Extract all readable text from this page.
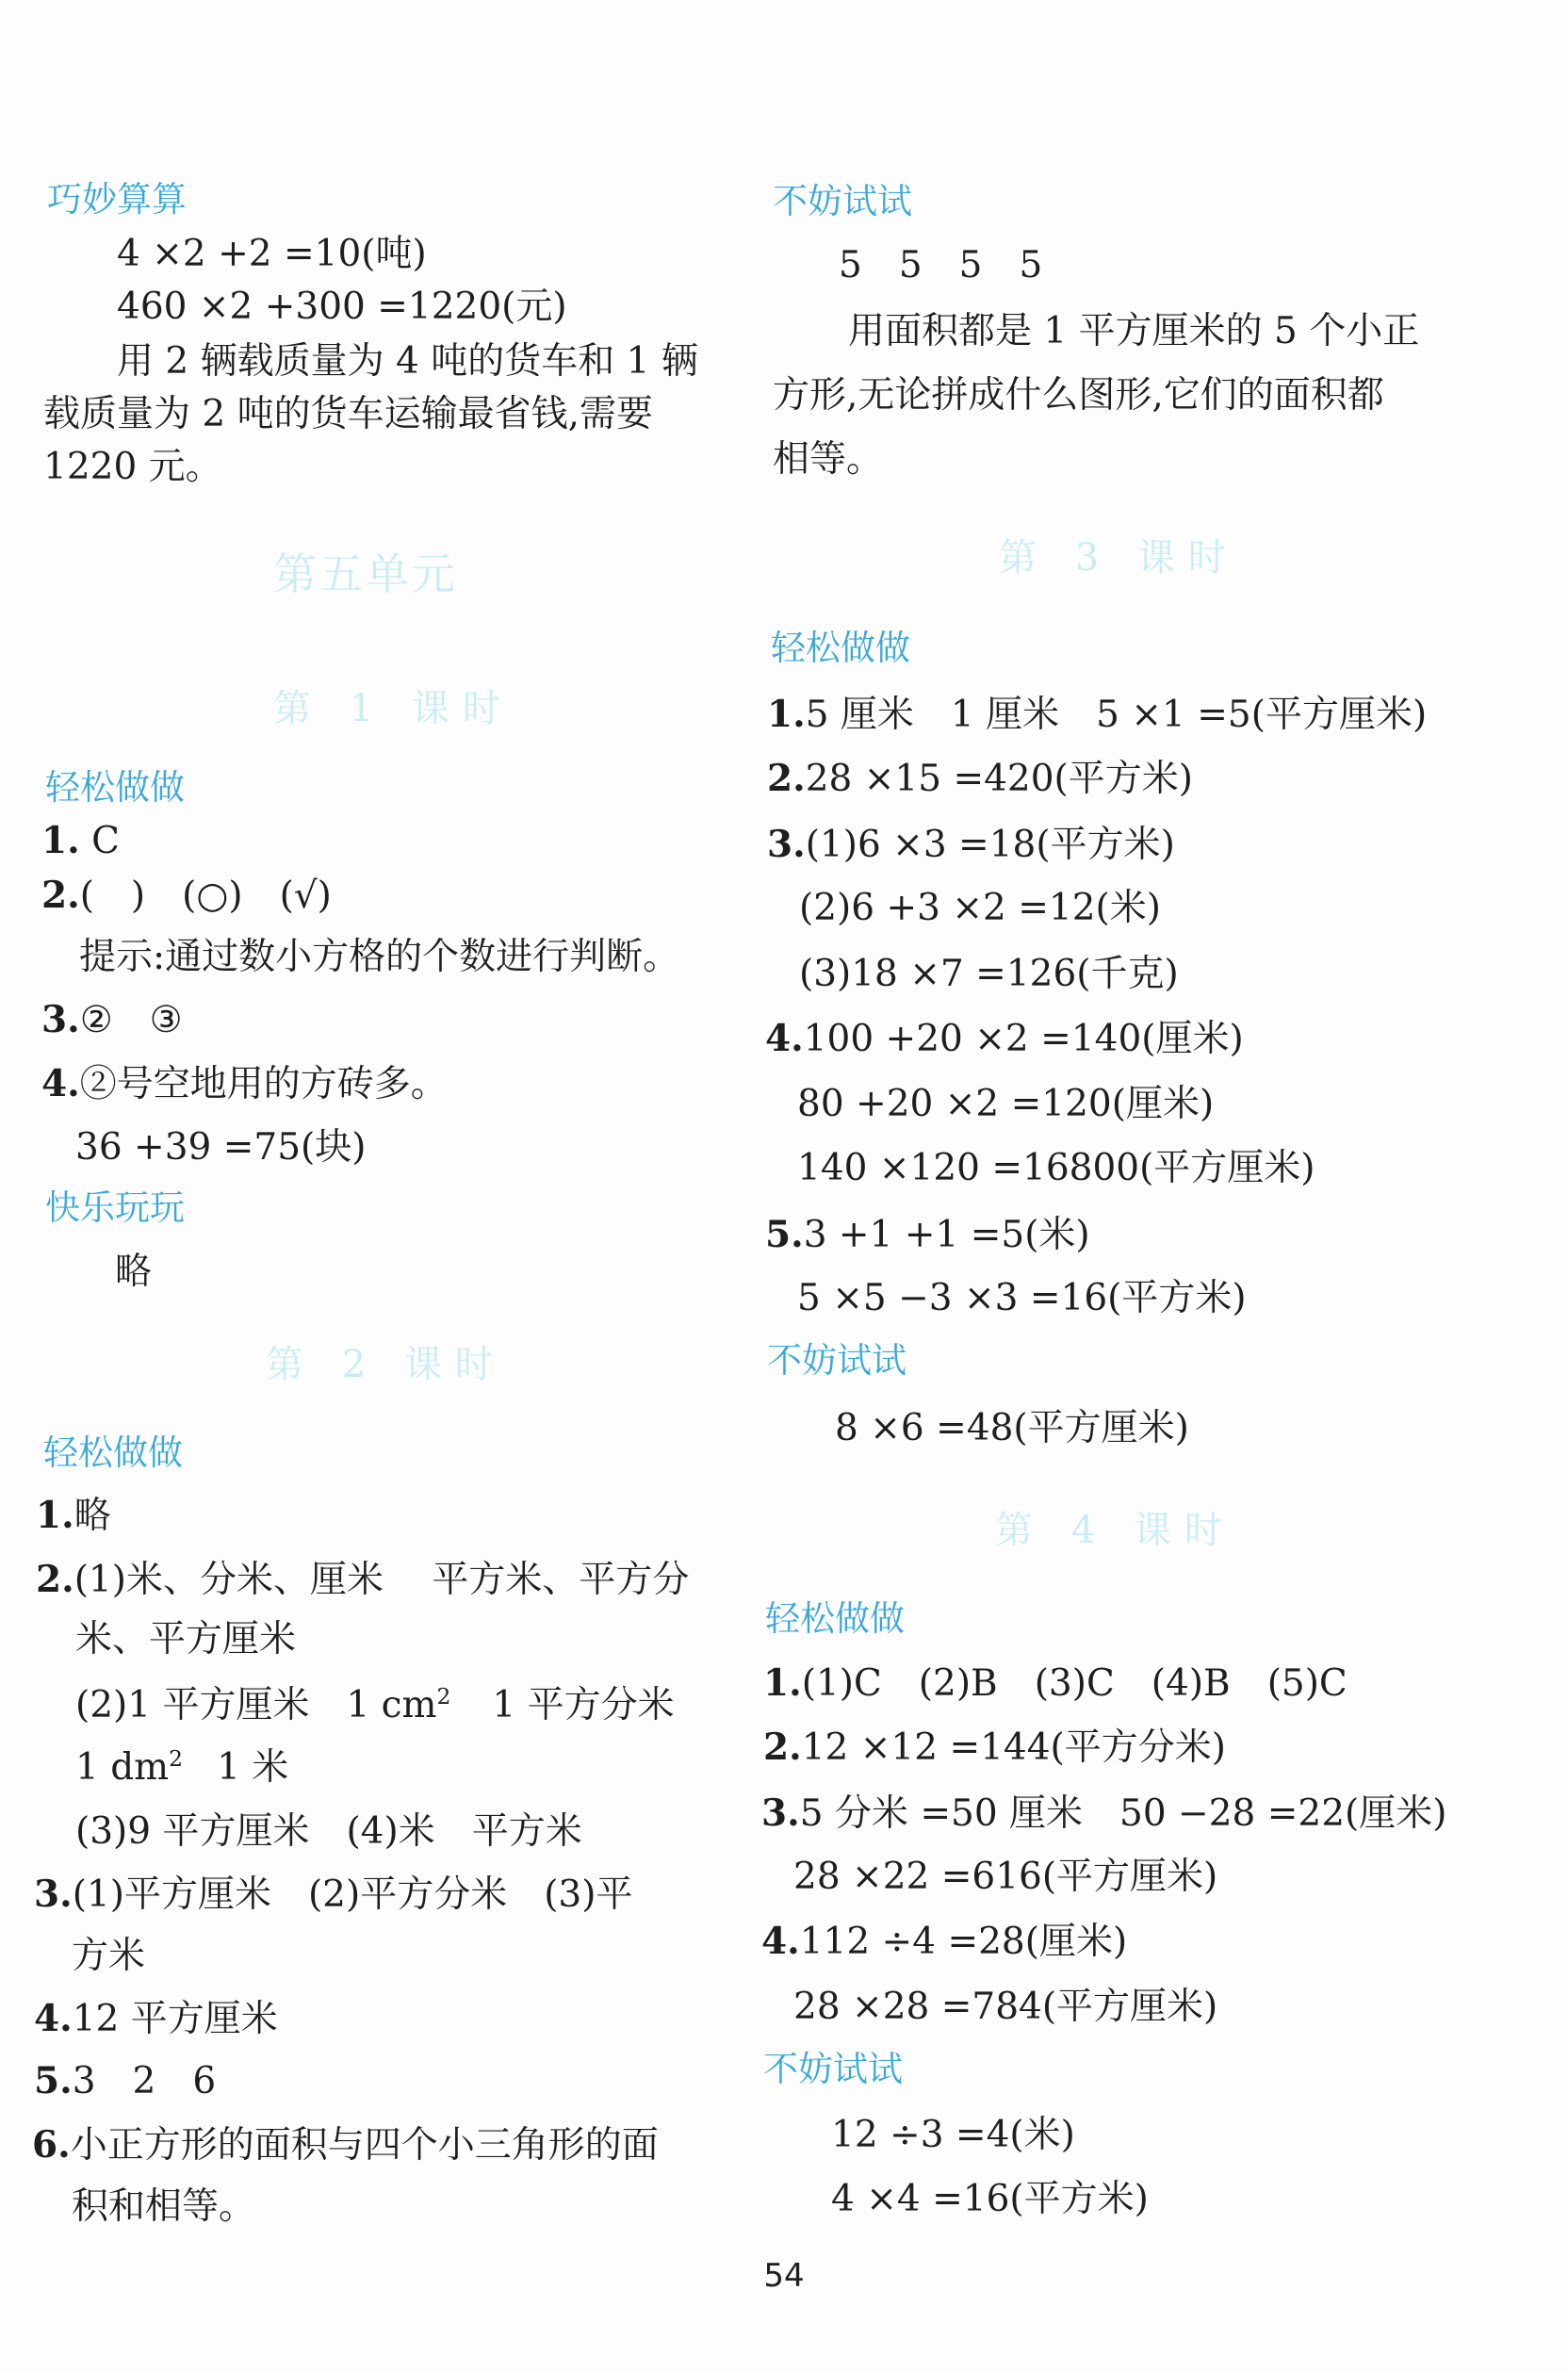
巧妙算算
4 ×2 +2 =10(吨)
460 ×2 +300 =1220(元)
用 2 辆载质量为 4 吨的货车和 1 辆
载质量为 2 吨的货车运输最省钱,需要
1220 元。
第五单元
第 1 课时
轻松做做
1. C
2.(　)　(○)　(√)
提示:通过数小方格的个数进行判断。
3.②　③
4.②号空地用的方砖多。
36 +39 =75(块)
快乐玩玩
略
第 2 课时
轻松做做
1.略
2.(1)米、分米、厘米　 平方米、平方分
米、平方厘米
(2)1 平方厘米　1 $cm^2$ 1 平方分米
1 $dm^2$ 1 米
(3)9 平方厘米　(4)米　平方米
3.(1)平方厘米　(2)平方分米　(3)平
方米
4.12 平方厘米
5.3　2　6
6.小正方形的面积与四个小三角形的面
积和相等。
不妨试试
5　5　5　5
用面积都是 1 平方厘米的 5 个小正
方形,无论拼成什么图形,它们的面积都
相等。
第 3 课时
轻松做做
1.5 厘米　1 厘米　5 ×1 =5(平方厘米)
2.28 ×15 =420(平方米)
3.(1)6 ×3 =18(平方米)
(2)6 +3 ×2 =12(米)
(3)18 ×7 =126(千克)
4.100 +20 ×2 =140(厘米)
80 +20 ×2 =120(厘米)
140 ×120 =16800(平方厘米)
5.3 +1 +1 =5(米)
5 ×5 −3 ×3 =16(平方米)
不妨试试
8 ×6 =48(平方厘米)
第 4 课时
轻松做做
1.(1)C　(2)B　(3)C　(4)B　(5)C
2.12 ×12 =144(平方分米)
3.5 分米 =50 厘米　50 −28 =22(厘米)
28 ×22 =616(平方厘米)
4.112 ÷4 =28(厘米)
28 ×28 =784(平方厘米)
不妨试试
12 ÷3 =4(米)
4 ×4 =16(平方米)
54
